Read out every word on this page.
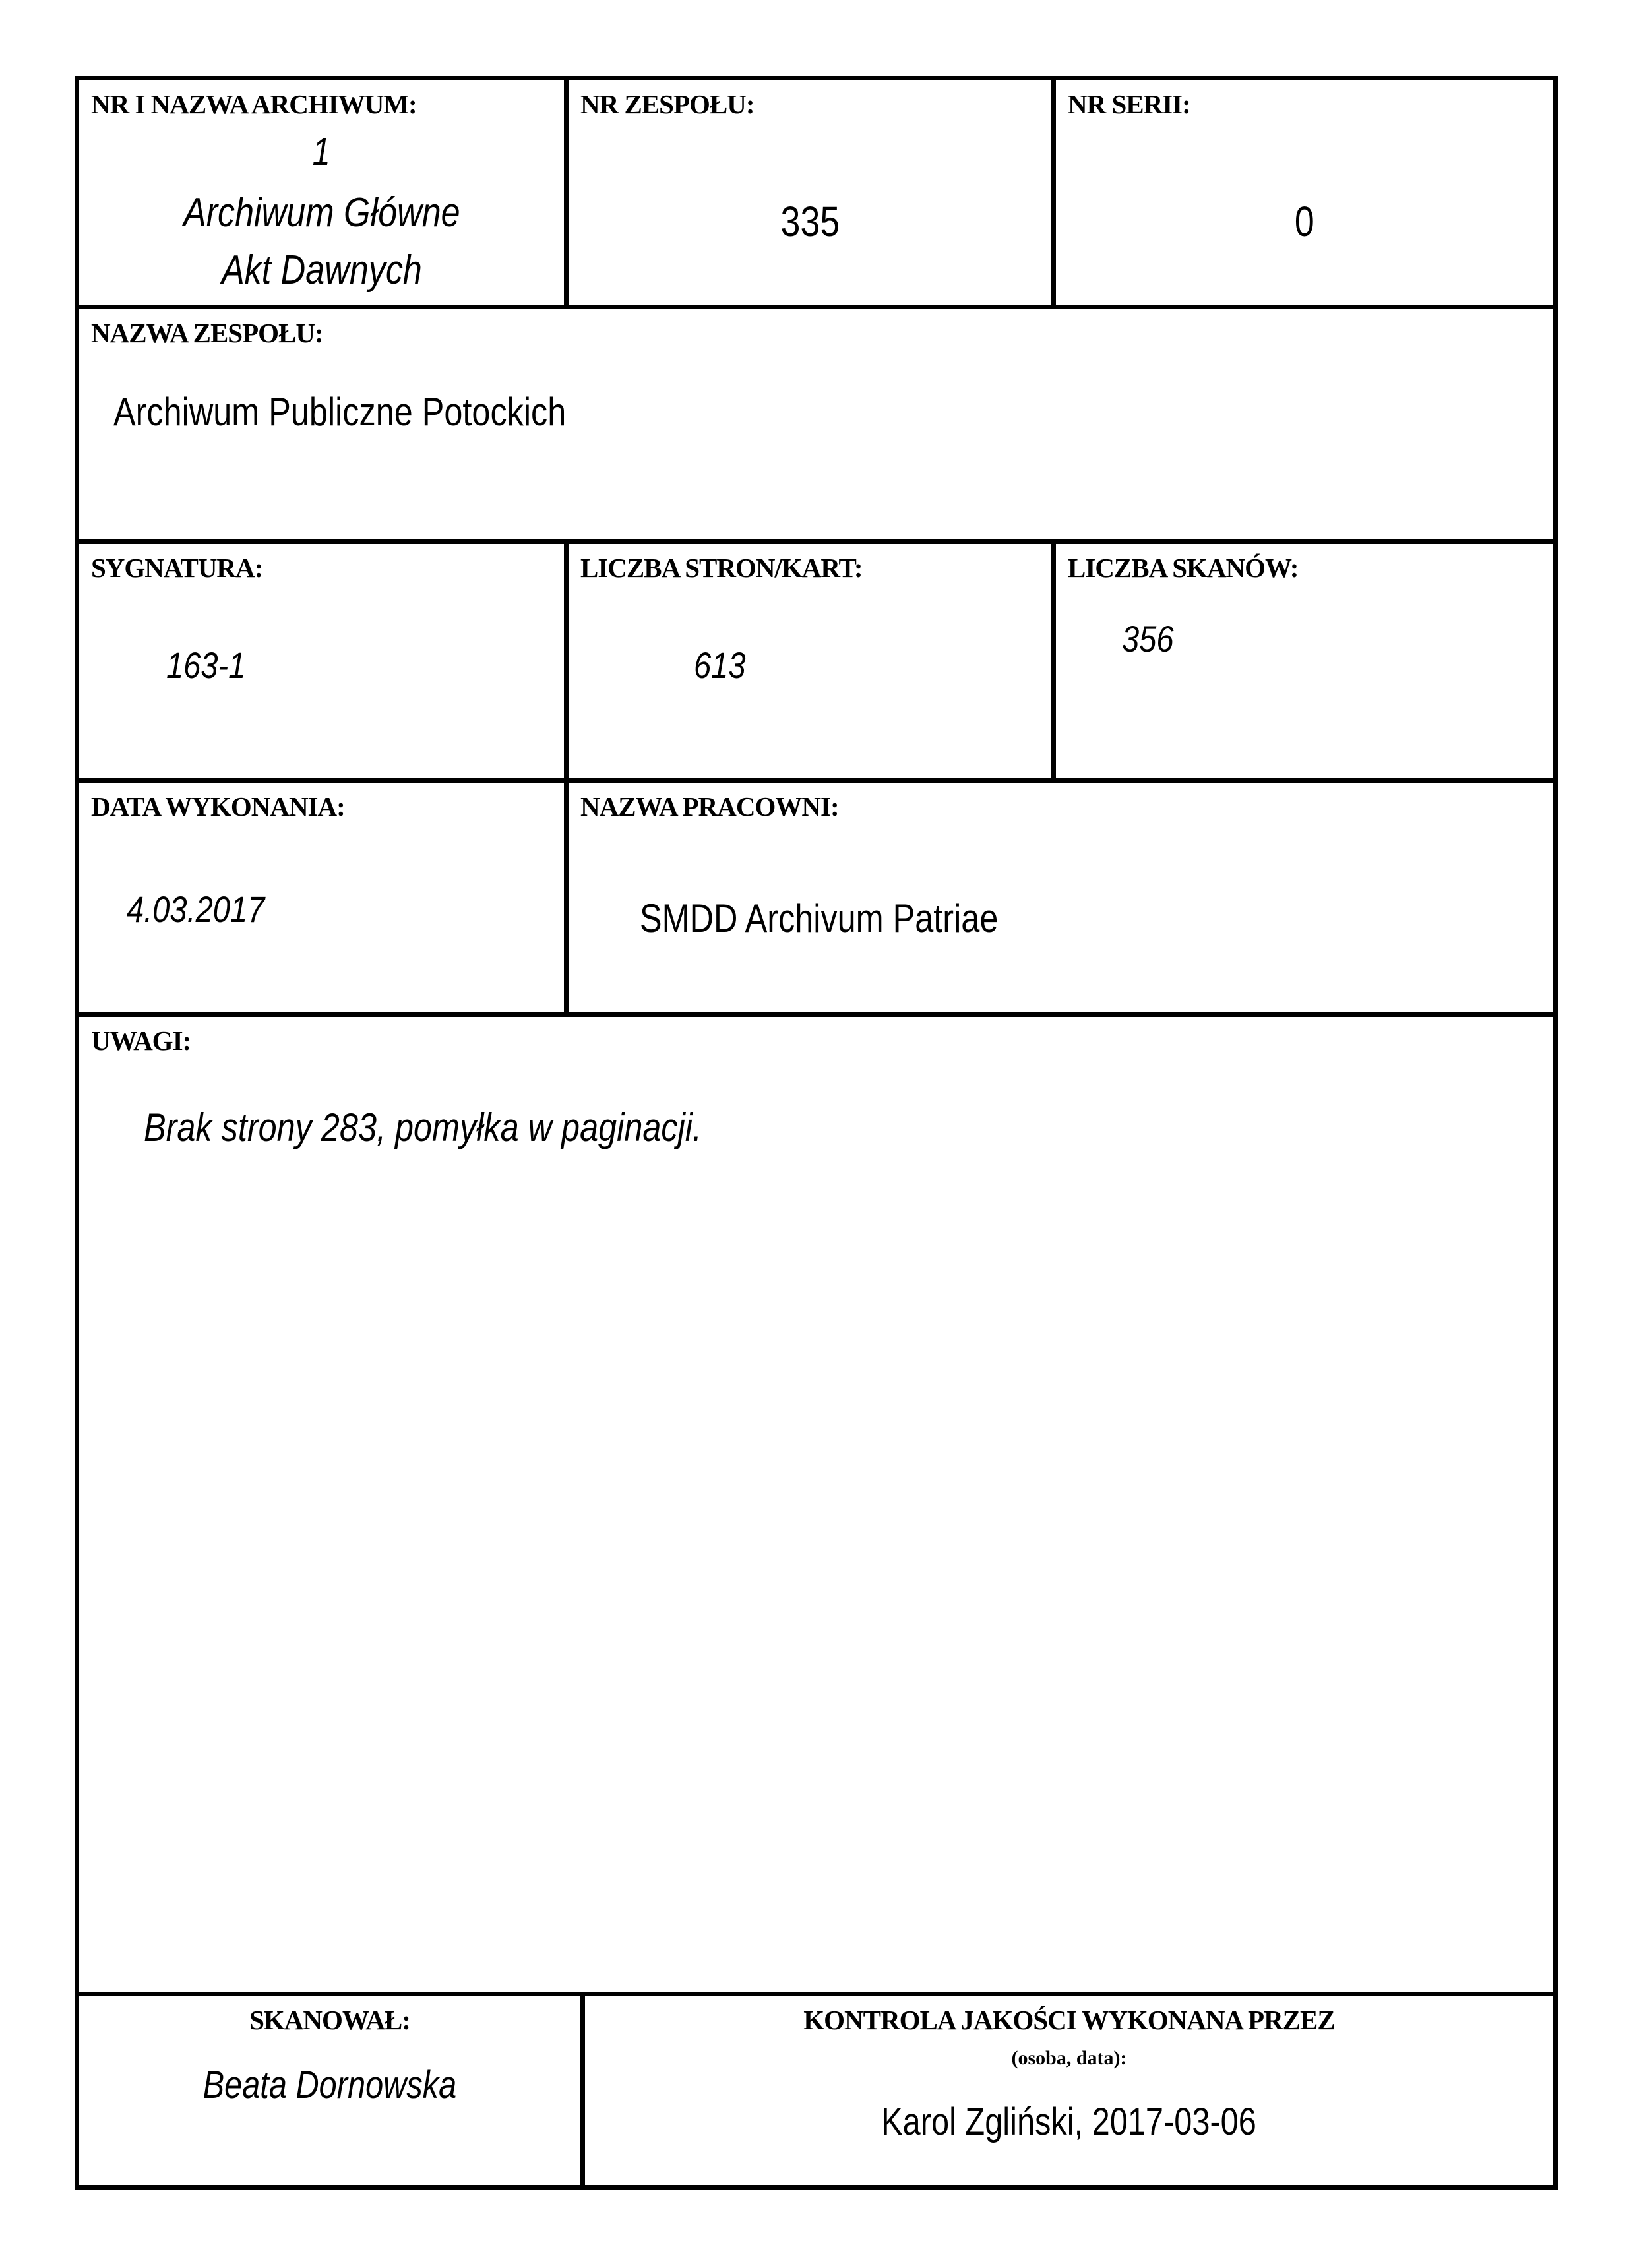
NR I NAZWA ARCHIWUM:
1
Archiwum Główne
Akt Dawnych
NR ZESPOŁU:
335
NR SERII:
0
NAZWA ZESPOŁU:
Archiwum Publiczne Potockich
SYGNATURA:
163-1
LICZBA STRON/KART:
613
LICZBA SKANÓW:
356
DATA WYKONANIA:
4.03.2017
NAZWA PRACOWNI:
SMDD Archivum Patriae
UWAGI:
Brak strony 283, pomyłka w paginacji.
SKANOWAŁ:
Beata Dornowska
KONTROLA JAKOŚCI WYKONANA PRZEZ
(osoba, data):
Karol Zgliński, 2017-03-06
